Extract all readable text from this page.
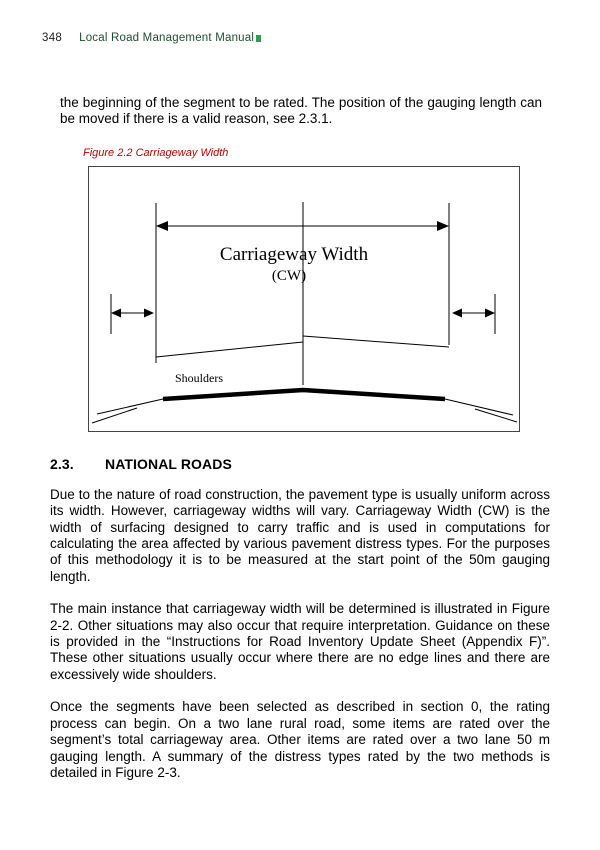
348 Local Road Management Manual

the beginning of the segment to be rated. The position of the gauging length can be moved if there is a valid reason, see 2.3.1.

Figure 2.2 Carriageway Width
Carriageway Width
(CW)
Shoulders
2.3. NATIONAL ROADS

Due to the nature of road construction, the pavement type is usually uniform across its width. However, carriageway widths will vary. Carriageway Width (CW) is the width of surfacing designed to carry traffic and is used in computations for calculating the area affected by various pavement distress types. For the purposes of this methodology it is to be measured at the start point of the 50m gauging length.

The main instance that carriageway width will be determined is illustrated in Figure 2-2. Other situations may also occur that require interpretation. Guidance on these is provided in the “Instructions for Road Inventory Update Sheet (Appendix F)”. These other situations usually occur where there are no edge lines and there are excessively wide shoulders.

Once the segments have been selected as described in section 0, the rating process can begin. On a two lane rural road, some items are rated over the segment’s total carriageway area. Other items are rated over a two lane 50 m gauging length. A summary of the distress types rated by the two methods is detailed in Figure 2-3.
